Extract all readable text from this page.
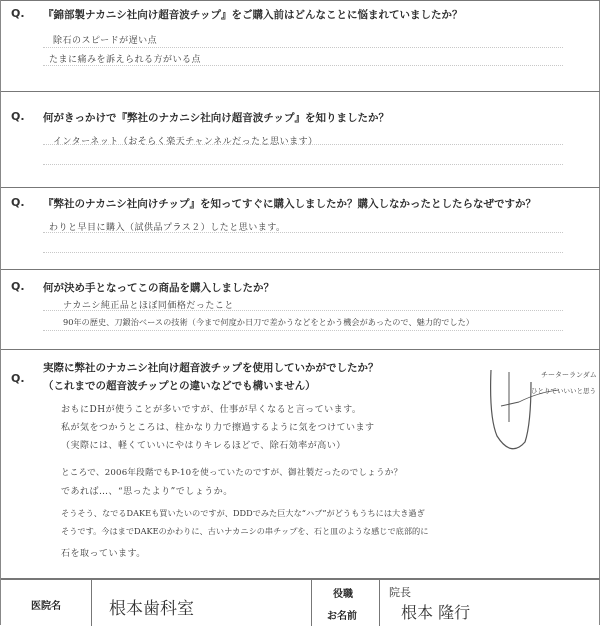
Q. 『錦部製ナカニシ社向け超音波チップ』をご購入前はどんなことに悩まれていましたか？
除石のスピードが遅い点
たまに痛みを訴えられる方がいる点
Q. 何がきっかけで『弊社のナカニシ社向け超音波チップ』を知りましたか？
インターネット（おそらく楽天チャンネルだったと思います）
Q. 『弊社のナカニシ社向けチップ』を知ってすぐに購入しましたか？購入しなかったとしたらなぜですか？
わりと早目に購入（試供品プラス２）したと思います。
Q. 何が決め手となってこの商品を購入しましたか？
ナカニシ純正品とほぼ同価格だったこと
90年の歴史、刀鍛治ベースの技術（今まで何度か日刀で差かうなどをとかう機会があったので、魅力的でした）
Q.
実際に弊社のナカニシ社向け超音波チップを使用していかがでしたか？
（これまでの超音波チップとの違いなどでも構いません）
おもにDHが使うことが多いですが、仕事が早くなると言っています。
私が気をつかうところは、柱かなり力で擦過するように気をつけています
（実際には、軽くていいにやはりキレるほどで、除石効率が高い）
ところで、2006年段階でもP-10を使っていたのですが、御社製だったのでしょうか？
であれば…、“思ったより”でしょうか。
そうそう、なでるDAKEも買いたいのですが、DDDでみた巨大な“ハブ”がどうもうちには大き過ぎ
そうです。今はまでDAKEのかわりに、古いナカニシの串チップを、石と皿のような感じで底部的に
石を取っています。
チーターランダム
ひとりでいいいと思う
医院名	根本歯科室
役職
お名前
院長
根本 隆行
